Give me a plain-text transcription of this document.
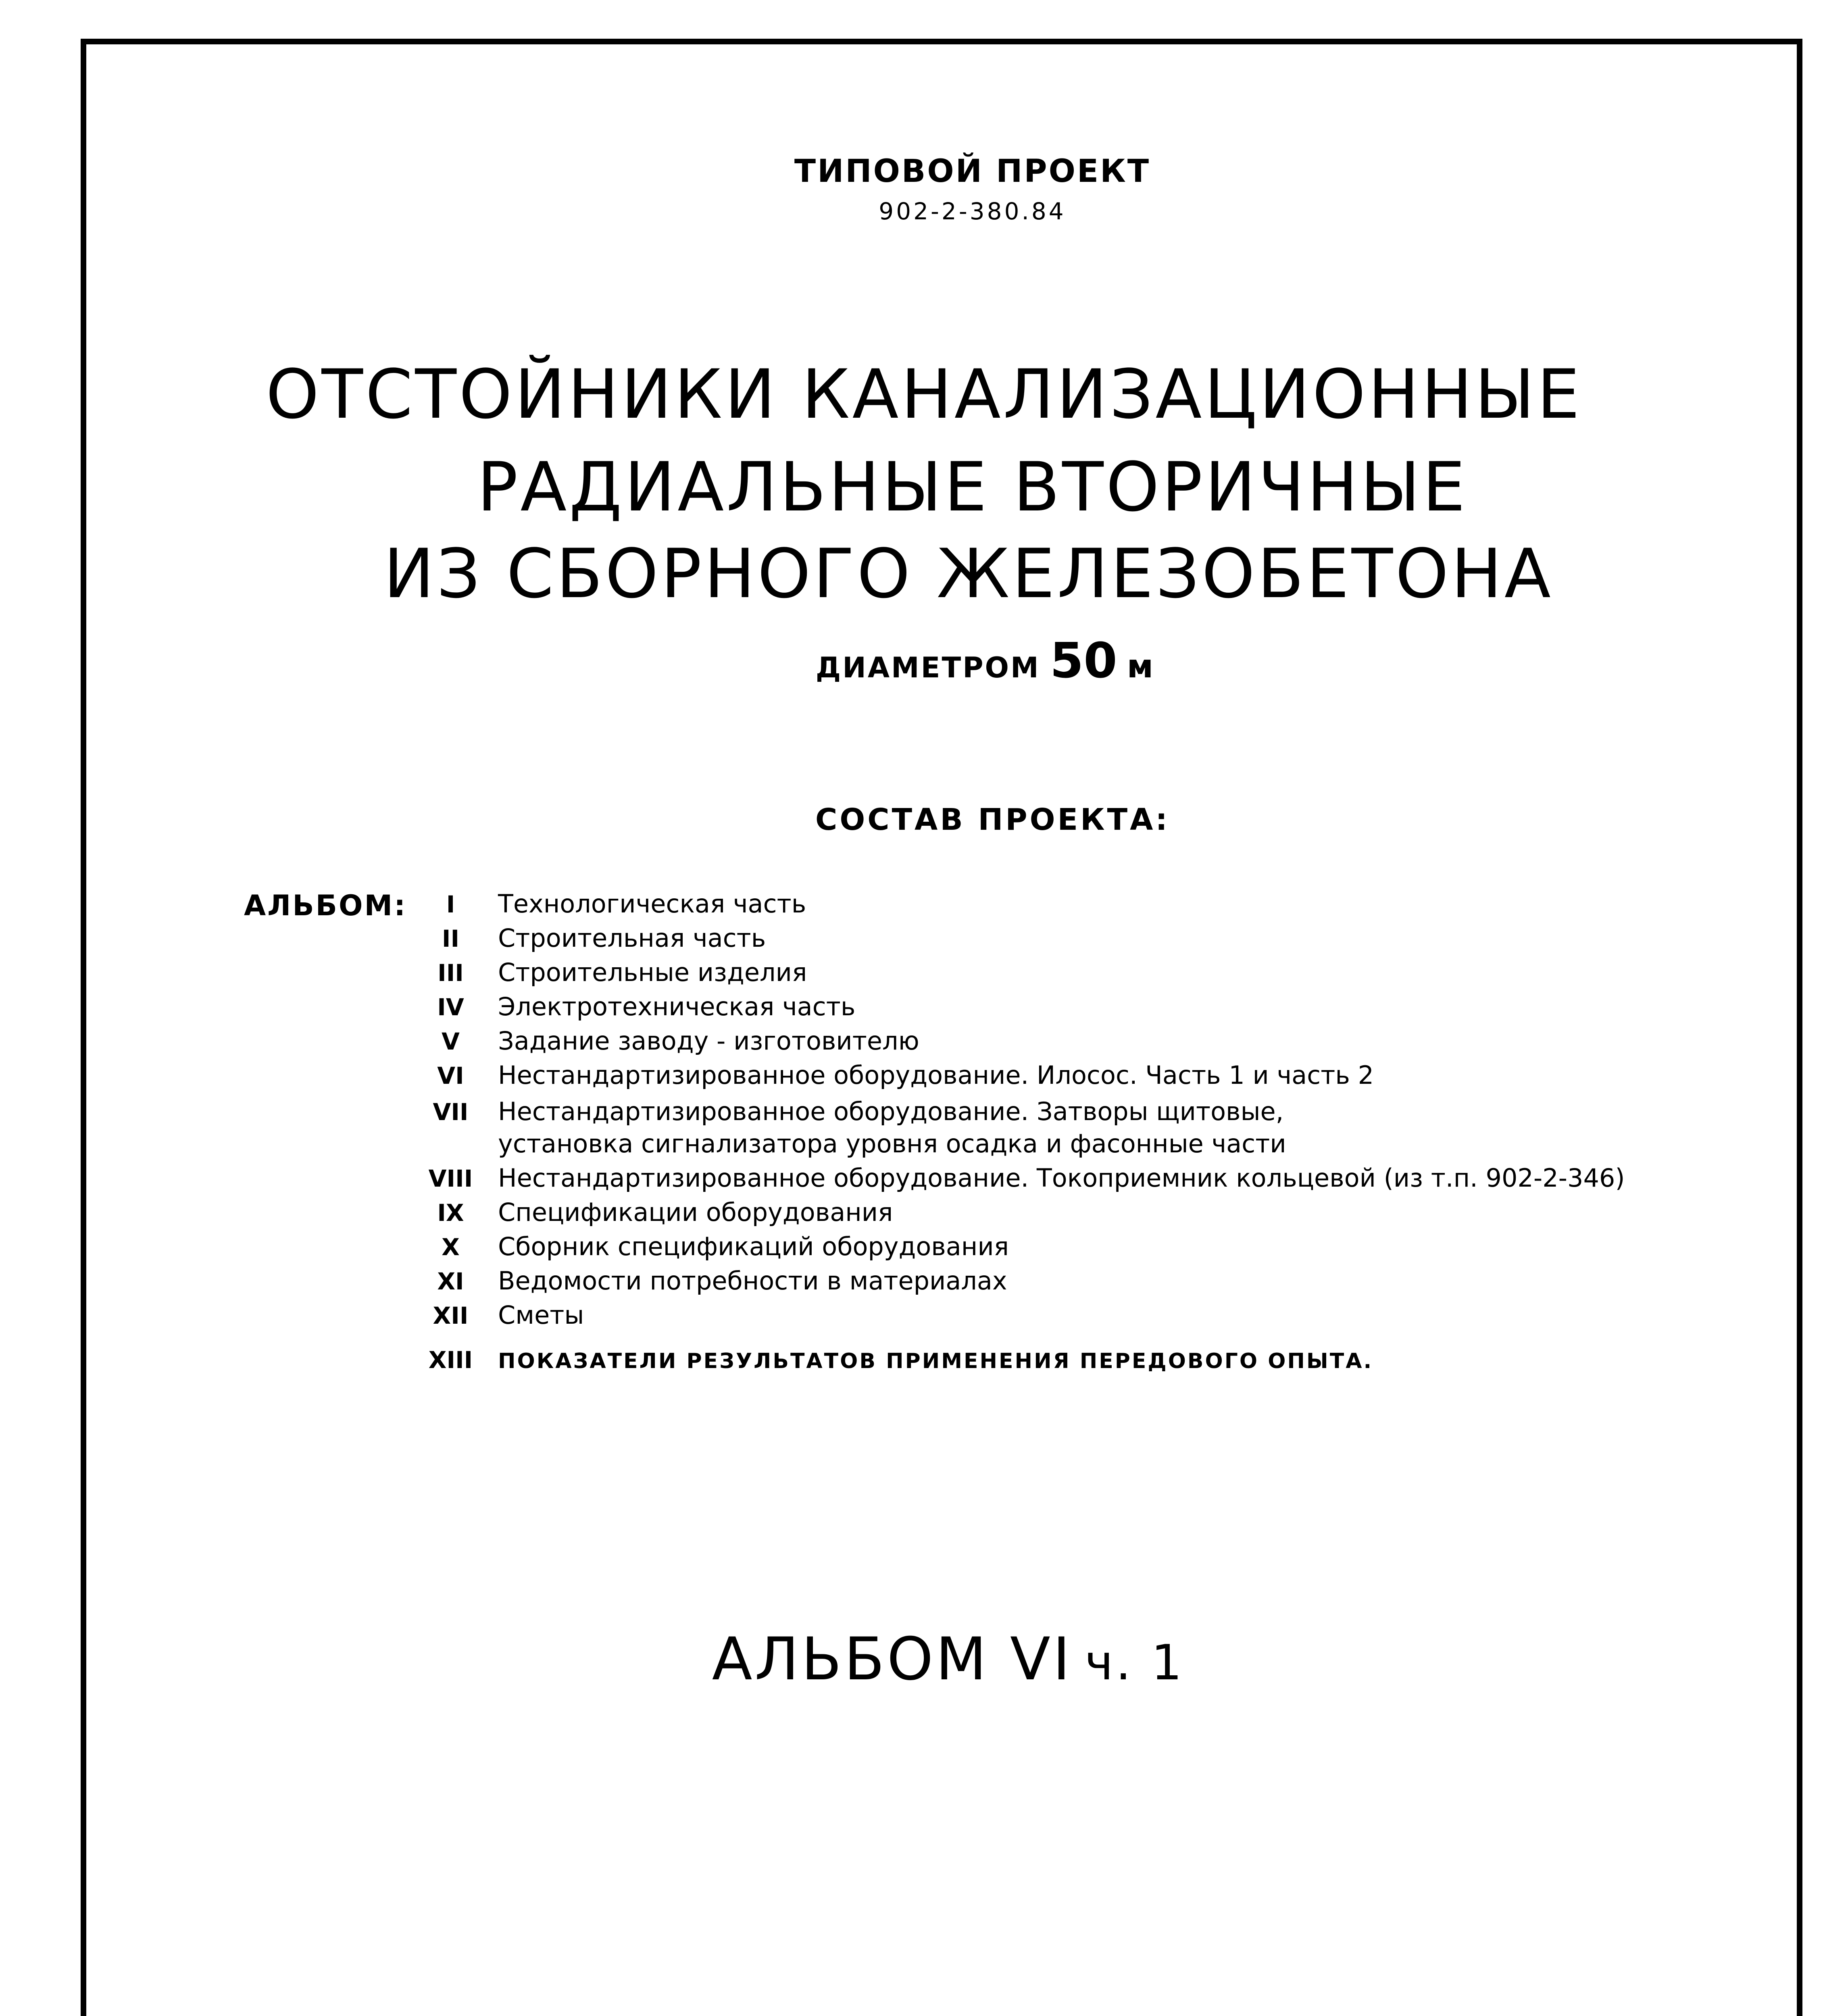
ТИПОВОЙ ПРОЕКТ
902-2-380.84
ОТСТОЙНИКИ КАНАЛИЗАЦИОННЫЕ
РАДИАЛЬНЫЕ ВТОРИЧНЫЕ
ИЗ СБОРНОГО ЖЕЛЕЗОБЕТОНА
ДИАМЕТРОМ 50 м
СОСТАВ ПРОЕКТА:
АЛЬБОМ:	I Технологическая часть
II Строительная часть
III Строительные изделия
IV Электротехническая часть
V Задание заводу - изготовителю
VI Нестандартизированное оборудование. Илосос. Часть 1 и часть 2
VII Нестандартизированное оборудование. Затворы щитовые,
установка сигнализатора уровня осадка и фасонные части
VIII Нестандартизированное оборудование. Токоприемник кольцевой (из т.п. 902-2-346)
IX Спецификации оборудования
X Сборник спецификаций оборудования
XI Ведомости потребности в материалах
XII Сметы
XIII ПОКАЗАТЕЛИ РЕЗУЛЬТАТОВ ПРИМЕНЕНИЯ ПЕРЕДОВОГО ОПЫТА.
АЛЬБОМ VI ч. 1
